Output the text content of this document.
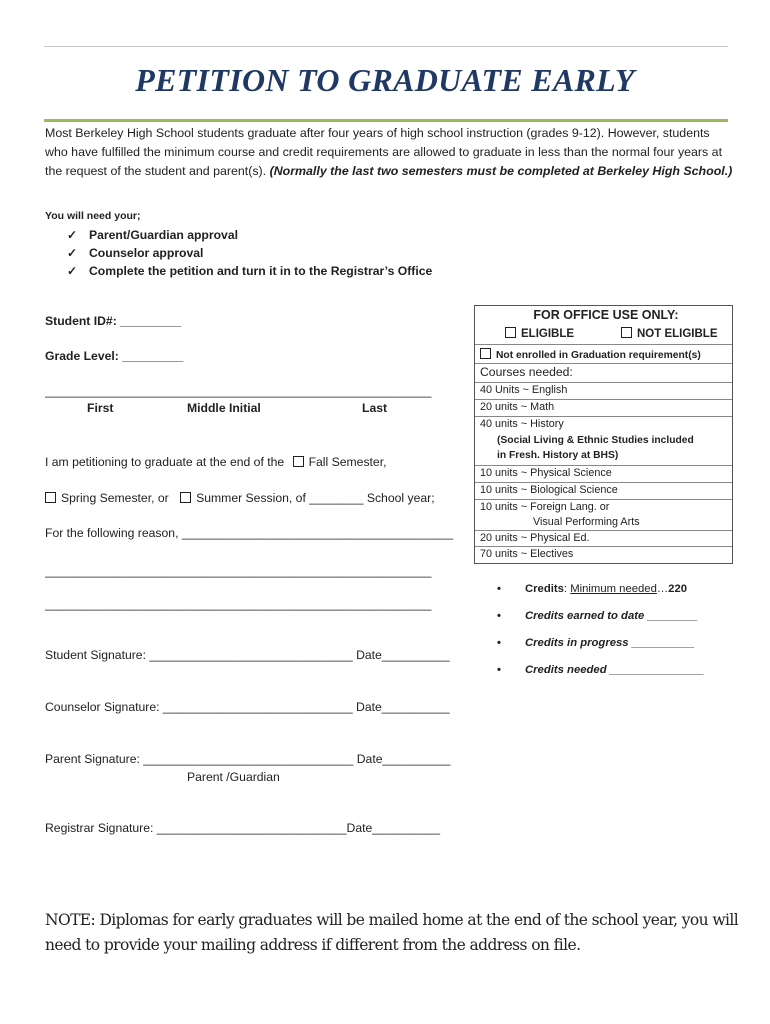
PETITION TO GRADUATE EARLY
Most Berkeley High School students graduate after four years of high school instruction (grades 9-12). However, students who have fulfilled the minimum course and credit requirements are allowed to graduate in less than the normal four years at the request of the student and parent(s). (Normally the last two semesters must be completed at Berkeley High School.)
You will need your;
✓ Parent/Guardian approval
✓ Counselor approval
✓ Complete the petition and turn it in to the Registrar’s Office
Student ID#: _________
Grade Level: _________
_________________________________________________________
First	Middle Initial	Last
I am petitioning to graduate at the end of the Fall Semester,
Spring Semester, or Summer Session, of ________ School year;
For the following reason, ________________________________________
_________________________________________________________
_________________________________________________________
Student Signature: ______________________________ Date__________
Counselor Signature: ____________________________ Date__________
Parent Signature: _______________________________ Date__________
Parent /Guardian
Registrar Signature: ____________________________Date__________
FOR OFFICE USE ONLY:
ELIGIBLE	NOT ELIGIBLE
Not enrolled in Graduation requirement(s)
Courses needed:
40 Units ~ English
20 units ~ Math
40 units ~ History
(Social Living & Ethnic Studies included
in Fresh. History at BHS)
10 units ~ Physical Science
10 units ~ Biological Science
10 units ~ Foreign Lang. or
Visual Performing Arts
20 units ~ Physical Ed.
70 units ~ Electives
• Credits: Minimum needed…220
• Credits earned to date ________
• Credits in progress __________
• Credits needed _______________
NOTE: Diplomas for early graduates will be mailed home at the end of the school year, you will need to provide your mailing address if different from the address on file.
